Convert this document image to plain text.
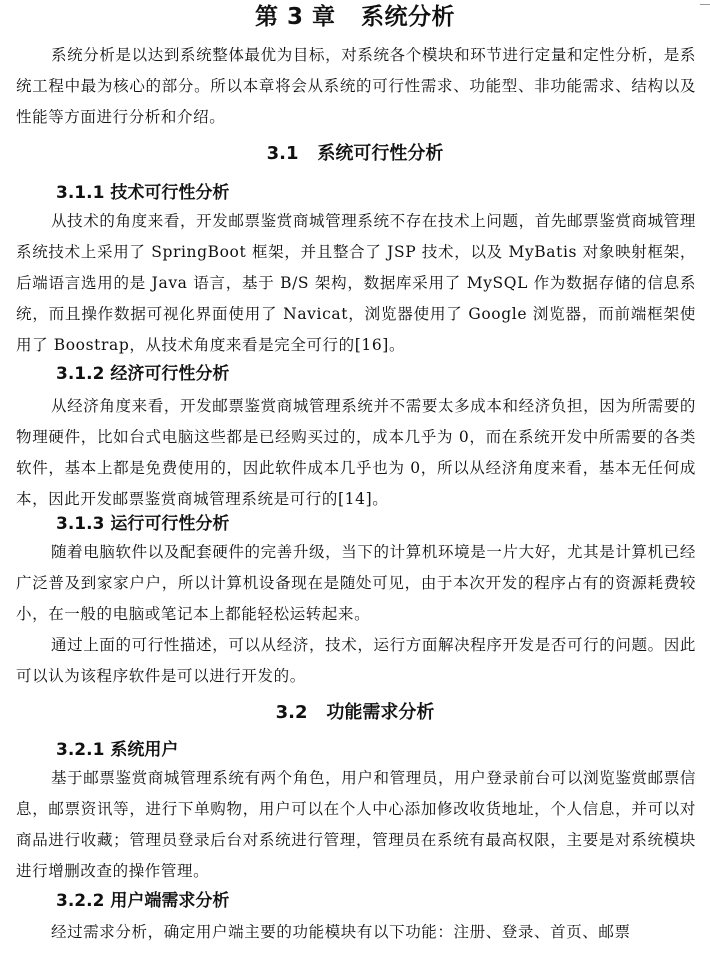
第 3 章   系统分析

系统分析是以达到系统整体最优为目标，对系统各个模块和环节进行定量和定性分析，是系统工程中最为核心的部分。所以本章将会从系统的可行性需求、功能型、非功能需求、结构以及性能等方面进行分析和介绍。

3.1   系统可行性分析
3.1.1 技术可行性分析

从技术的角度来看，开发邮票鉴赏商城管理系统不存在技术上问题，首先邮票鉴赏商城管理系统技术上采用了 SpringBoot 框架，并且整合了 JSP 技术，以及 MyBatis 对象映射框架，后端语言选用的是 Java 语言，基于 B/S 架构，数据库采用了 MySQL 作为数据存储的信息系统，而且操作数据可视化界面使用了 Navicat，浏览器使用了 Google 浏览器，而前端框架使用了 Boostrap，从技术角度来看是完全可行的[16]。

3.1.2 经济可行性分析

从经济角度来看，开发邮票鉴赏商城管理系统并不需要太多成本和经济负担，因为所需要的物理硬件，比如台式电脑这些都是已经购买过的，成本几乎为 0，而在系统开发中所需要的各类软件，基本上都是免费使用的，因此软件成本几乎也为 0，所以从经济角度来看，基本无任何成本，因此开发邮票鉴赏商城管理系统是可行的[14]。

3.1.3 运行可行性分析

随着电脑软件以及配套硬件的完善升级，当下的计算机环境是一片大好，尤其是计算机已经广泛普及到家家户户，所以计算机设备现在是随处可见，由于本次开发的程序占有的资源耗费较小，在一般的电脑或笔记本上都能轻松运转起来。

通过上面的可行性描述，可以从经济，技术，运行方面解决程序开发是否可行的问题。因此可以认为该程序软件是可以进行开发的。

3.2   功能需求分析
3.2.1 系统用户

基于邮票鉴赏商城管理系统有两个角色，用户和管理员，用户登录前台可以浏览鉴赏邮票信息，邮票资讯等，进行下单购物，用户可以在个人中心添加修改收货地址，个人信息，并可以对商品进行收藏；管理员登录后台对系统进行管理，管理员在系统有最高权限，主要是对系统模块进行增删改查的操作管理。

3.2.2 用户端需求分析

经过需求分析，确定用户端主要的功能模块有以下功能：注册、登录、首页、邮票
